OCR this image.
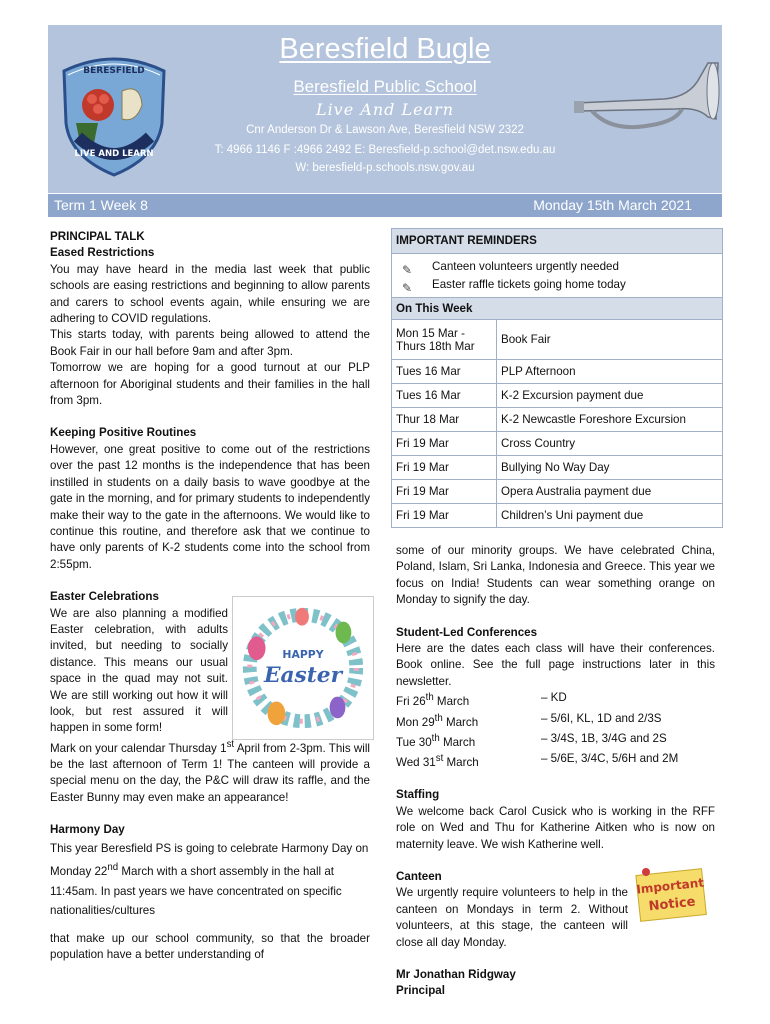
BERESFIELD
LIVE AND LEARN
Beresfield Bugle
Beresfield Public School
Live And Learn
Cnr Anderson Dr & Lawson Ave, Beresfield NSW 2322
T: 4966 1146 F :4966 2492 E: Beresfield-p.school@det.nsw.edu.au
W: beresfield-p.schools.nsw.gov.au
Term 1 Week 8	Monday 15th March 2021
PRINCIPAL TALK
Eased Restrictions

You may have heard in the media last week that public schools are easing restrictions and beginning to allow parents and carers to school events again, while ensuring we are adhering to COVID regulations.

This starts today, with parents being allowed to attend the Book Fair in our hall before 9am and after 3pm.

Tomorrow we are hoping for a good turnout at our PLP afternoon for Aboriginal students and their families in the hall from 3pm.

Keeping Positive Routines

However, one great positive to come out of the restrictions over the past 12 months is the independence that has been instilled in students on a daily basis to wave goodbye at the gate in the morning, and for primary students to independently make their way to the gate in the afternoons. We would like to continue this routine, and therefore ask that we continue to have only parents of K-2 students come into the school from 2:55pm.

Easter Celebrations

We are also planning a modified Easter celebration, with adults invited, but needing to socially distance. This means our usual space in the quad may not suit. We are still working out how it will look, but rest assured it will happen in some form!

Mark on your calendar Thursday 1st April from 2-3pm. This will be the last afternoon of Term 1! The canteen will provide a special menu on the day, the P&C will draw its raffle, and the Easter Bunny may even make an appearance!

Harmony Day

This year Beresfield PS is going to celebrate Harmony Day on Monday 22nd March with a short assembly in the hall at 11:45am. In past years we have concentrated on specific nationalities/cultures

that make up our school community, so that the broader population have a better understanding of

HAPPY
Easter
IMPORTANT REMINDERS
✎ Canteen volunteers urgently needed
✎ Easter raffle tickets going home today
On This Week	
Mon 15 Mar - Thurs 18th Mar	Book Fair
Tues 16 Mar	PLP Afternoon
Tues 16 Mar	K-2 Excursion payment due
Thur 18 Mar	K-2 Newcastle Foreshore Excursion
Fri 19 Mar	Cross Country
Fri 19 Mar	Bullying No Way Day
Fri 19 Mar	Opera Australia payment due
Fri 19 Mar	Children’s Uni payment due

some of our minority groups. We have celebrated China, Poland, Islam, Sri Lanka, Indonesia and Greece. This year we focus on India! Students can wear something orange on Monday to signify the day.

Student-Led Conferences

Here are the dates each class will have their conferences. Book online. See the full page instructions later in this newsletter.

Fri 26th March	– KD
Mon 29th March	– 5/6I, KL, 1D and 2/3S
Tue 30th March	– 3/4S, 1B, 3/4G and 2S
Wed 31st March	– 5/6E, 3/4C, 5/6H and 2M
Staffing

We welcome back Carol Cusick who is working in the RFF role on Wed and Thu for Katherine Aitken who is now on maternity leave. We wish Katherine well.

Canteen

We urgently require volunteers to help in the canteen on Mondays in term 2. Without volunteers, at this stage, the canteen will close all day Monday.

Mr Jonathan Ridgway
Principal
Important
Notice
